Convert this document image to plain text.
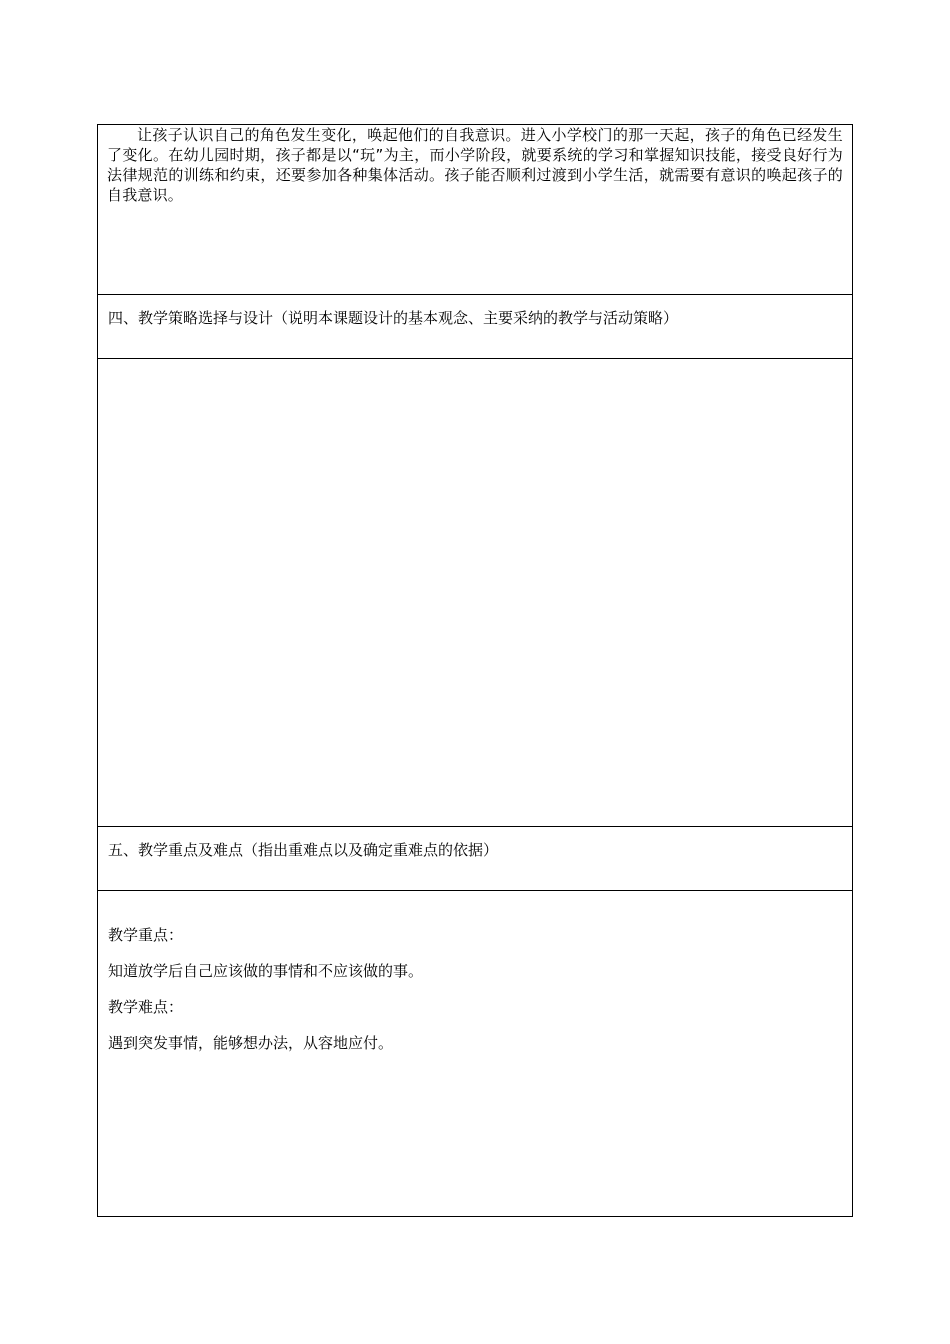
让孩子认识自己的角色发生变化，唤起他们的自我意识。进入小学校门的那一天起，孩子的角色已经发生了变化。在幼儿园时期，孩子都是以“玩”为主，而小学阶段，就要系统的学习和掌握知识技能，接受良好行为法律规范的训练和约束，还要参加各种集体活动。孩子能否顺利过渡到小学生活，就需要有意识的唤起孩子的自我意识。

四、教学策略选择与设计（说明本课题设计的基本观念、主要采纳的教学与活动策略）
五、教学重点及难点（指出重难点以及确定重难点的依据）

教学重点：

知道放学后自己应该做的事情和不应该做的事。

教学难点：

遇到突发事情，能够想办法，从容地应付。
